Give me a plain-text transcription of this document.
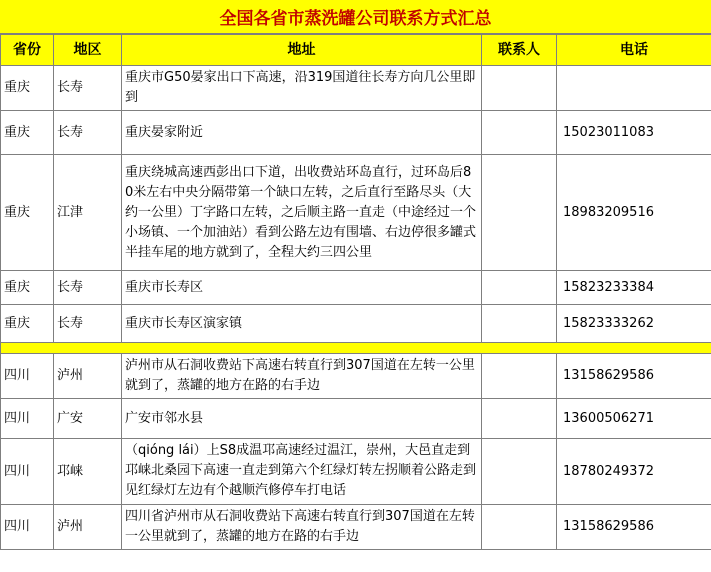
全国各省市蒸洗罐公司联系方式汇总
省份	地区	地址	联系人	电话
重庆	长寿	重庆市G50晏家出口下高速，沿319国道往长寿方向几公里即到		
重庆	长寿	重庆晏家附近		15023011083
重庆	江津	重庆绕城高速西彭出口下道，出收费站环岛直行，过环岛后80米左右中央分隔带第一个缺口左转，之后直行至路尽头（大约一公里）丁字路口左转，之后顺主路一直走（中途经过一个小场镇、一个加油站）看到公路左边有围墙、右边停很多罐式半挂车尾的地方就到了，全程大约三四公里		18983209516
重庆	长寿	重庆市长寿区		15823233384
重庆	长寿	重庆市长寿区演家镇		15823333262

四川	泸州	泸州市从石洞收费站下高速右转直行到307国道在左转一公里就到了，蒸罐的地方在路的右手边		13158629586
四川	广安	广安市邻水县		13600506271
四川	邛崃	（qióng lái）上S8成温邛高速经过温江，崇州，大邑直走到邛崃北桑园下高速一直走到第六个红绿灯转左拐顺着公路走到见红绿灯左边有个越顺汽修停车打电话		18780249372
四川	泸州	四川省泸州市从石洞收费站下高速右转直行到307国道在左转一公里就到了，蒸罐的地方在路的右手边		13158629586
